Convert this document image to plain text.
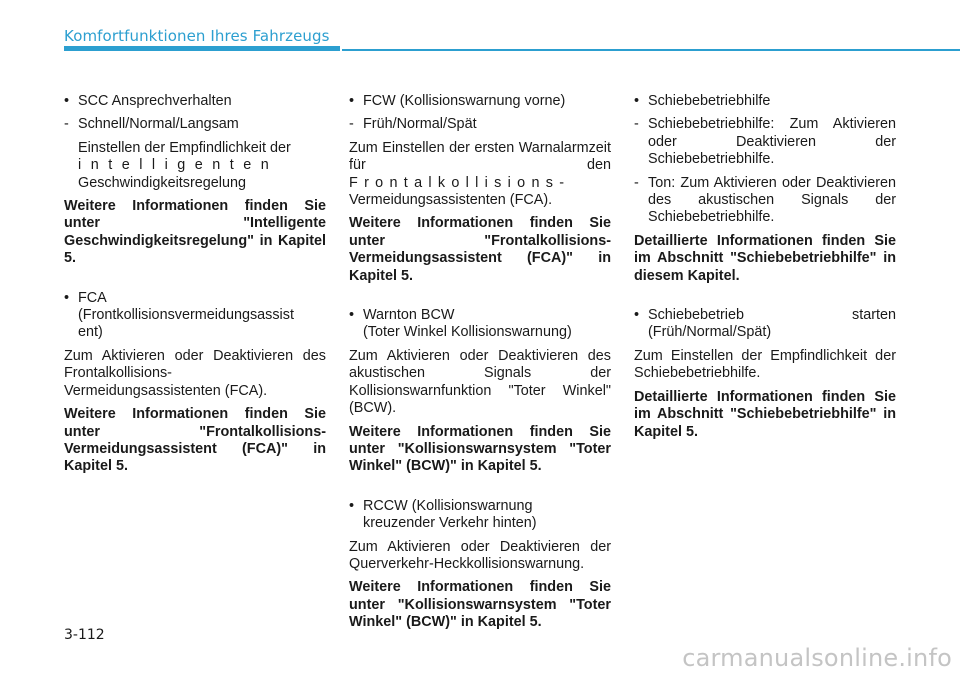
Komfortfunktionen Ihres Fahrzeugs
• SCC Ansprechverhalten
- Schnell/Normal/Langsam
Einstellen der Empfindlichkeit der
intelligenten
Geschwindigkeitsregelung

Weitere Informationen finden Sie unter "Intelligente Geschwindigkeitsregelung" in Kapitel 5.

• FCA
(Frontkollisionsvermeidungsassist
ent)

Zum Aktivieren oder Deaktivieren des Frontalkollisions-Vermeidungsassistenten (FCA).

Weitere Informationen finden Sie unter "Frontalkollisions-Vermeidungsassistent (FCA)" in Kapitel 5.

• FCW (Kollisionswarnung vorne)
- Früh/Normal/Spät
Zum Einstellen der ersten Warnalarmzeit für den
Frontalkollisions-
Vermeidungsassistenten (FCA).

Weitere Informationen finden Sie unter "Frontalkollisions-Vermeidungsassistent (FCA)" in Kapitel 5.

• Warnton BCW
(Toter Winkel Kollisionswarnung)

Zum Aktivieren oder Deaktivieren des akustischen Signals der Kollisionswarnfunktion "Toter Winkel" (BCW).

Weitere Informationen finden Sie unter "Kollisionswarnsystem "Toter Winkel" (BCW)" in Kapitel 5.

• RCCW (Kollisionswarnung
kreuzender Verkehr hinten)

Zum Aktivieren oder Deaktivieren der Querverkehr-Heckkollisionswarnung.

Weitere Informationen finden Sie unter "Kollisionswarnsystem "Toter Winkel" (BCW)" in Kapitel 5.

• Schiebebetriebhilfe
- Schiebebetriebhilfe: Zum Aktivieren oder Deaktivieren der Schiebebetriebhilfe.
- Ton: Zum Aktivieren oder Deaktivieren des akustischen Signals der Schiebebetriebhilfe.

Detaillierte Informationen finden Sie im Abschnitt "Schiebebetriebhilfe" in diesem Kapitel.

• Schiebebetrieb starten
(Früh/Normal/Spät)

Zum Einstellen der Empfindlichkeit der Schiebebetriebhilfe.

Detaillierte Informationen finden Sie im Abschnitt "Schiebebetriebhilfe" in Kapitel 5.

3-112
carmanualsonline.info
